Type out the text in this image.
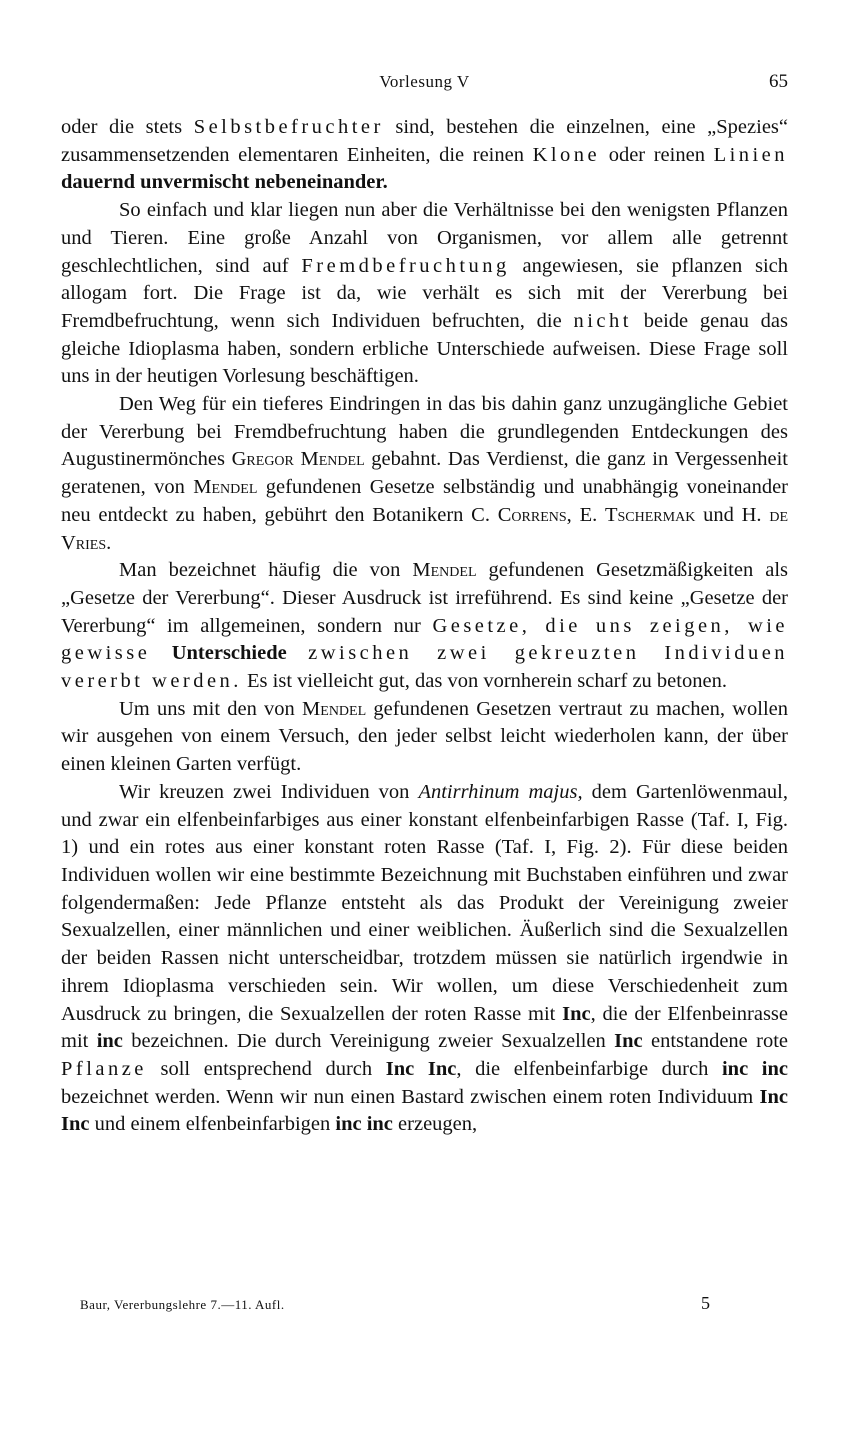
Vorlesung V	65

oder die stets Selbstbefruchter sind, bestehen die einzelnen, eine „Spezies“ zusammensetzenden elementaren Einheiten, die reinen Klone oder reinen Linien dauernd unvermischt nebeneinander.

So einfach und klar liegen nun aber die Verhältnisse bei den wenigsten Pflanzen und Tieren. Eine große Anzahl von Organismen, vor allem alle getrennt geschlechtlichen, sind auf Fremdbefruchtung angewiesen, sie pflanzen sich allogam fort. Die Frage ist da, wie verhält es sich mit der Vererbung bei Fremdbefruchtung, wenn sich Individuen befruchten, die nicht beide genau das gleiche Idioplasma haben, sondern erbliche Unterschiede aufweisen. Diese Frage soll uns in der heutigen Vorlesung beschäftigen.

Den Weg für ein tieferes Eindringen in das bis dahin ganz unzugängliche Gebiet der Vererbung bei Fremdbefruchtung haben die grundlegenden Entdeckungen des Augustinermönches Gregor Mendel gebahnt. Das Verdienst, die ganz in Vergessenheit geratenen, von Mendel gefundenen Gesetze selbständig und unabhängig voneinander neu entdeckt zu haben, gebührt den Botanikern C. Correns, E. Tschermak und H. de Vries.

Man bezeichnet häufig die von Mendel gefundenen Gesetzmäßigkeiten als „Gesetze der Vererbung“. Dieser Ausdruck ist irreführend. Es sind keine „Gesetze der Vererbung“ im allgemeinen, sondern nur Gesetze, die uns zeigen, wie gewisse Unterschiede zwischen zwei gekreuzten Individuen vererbt werden. Es ist vielleicht gut, das von vornherein scharf zu betonen.

Um uns mit den von Mendel gefundenen Gesetzen vertraut zu machen, wollen wir ausgehen von einem Versuch, den jeder selbst leicht wiederholen kann, der über einen kleinen Garten verfügt.

Wir kreuzen zwei Individuen von Antirrhinum majus, dem Gartenlöwenmaul, und zwar ein elfenbeinfarbiges aus einer konstant elfenbeinfarbigen Rasse (Taf. I, Fig. 1) und ein rotes aus einer konstant roten Rasse (Taf. I, Fig. 2). Für diese beiden Individuen wollen wir eine bestimmte Bezeichnung mit Buchstaben einführen und zwar folgendermaßen: Jede Pflanze entsteht als das Produkt der Vereinigung zweier Sexualzellen, einer männlichen und einer weiblichen. Äußerlich sind die Sexualzellen der beiden Rassen nicht unterscheidbar, trotzdem müssen sie natürlich irgendwie in ihrem Idioplasma verschieden sein. Wir wollen, um diese Verschiedenheit zum Ausdruck zu bringen, die Sexualzellen der roten Rasse mit Inc, die der Elfenbeinrasse mit inc bezeichnen. Die durch Vereinigung zweier Sexualzellen Inc entstandene rote Pflanze soll entsprechend durch Inc Inc, die elfenbeinfarbige durch inc inc bezeichnet werden. Wenn wir nun einen Bastard zwischen einem roten Individuum Inc Inc und einem elfenbeinfarbigen inc inc erzeugen,

Baur, Vererbungslehre 7.—11. Aufl.	5
